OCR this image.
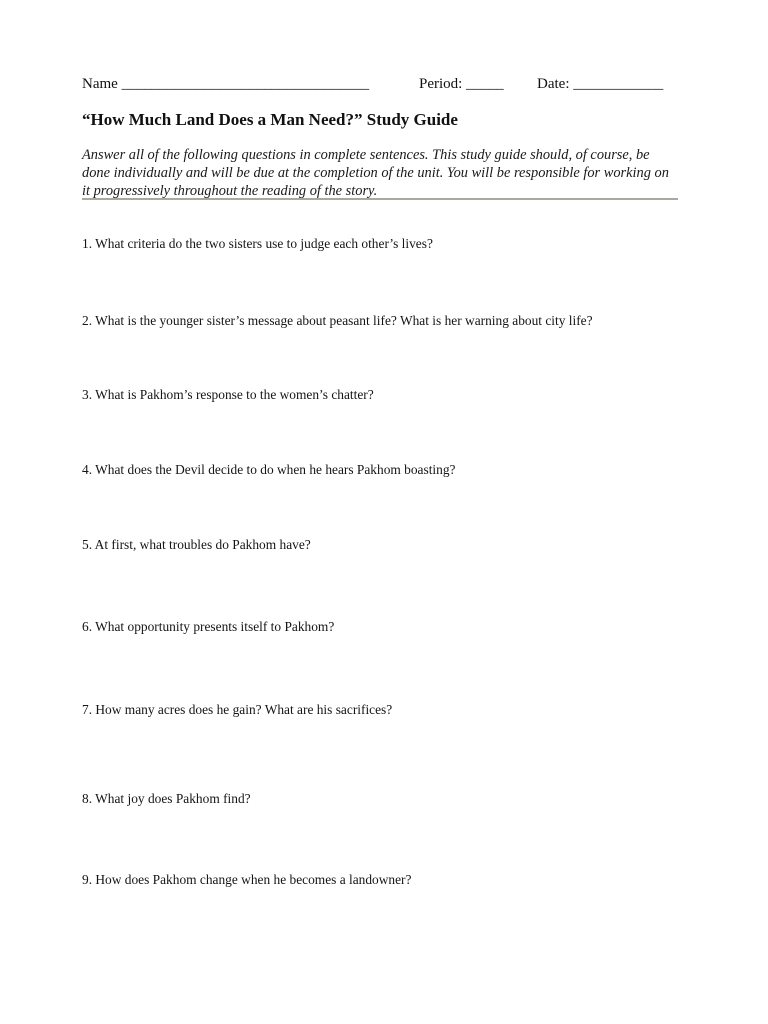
Name _________________________________	Period: _____ Date: ____________
“How Much Land Does a Man Need?” Study Guide
Answer all of the following questions in complete sentences. This study guide should, of course, be done individually and will be due at the completion of the unit. You will be responsible for working on it progressively throughout the reading of the story.
1. What criteria do the two sisters use to judge each other’s lives?
2. What is the younger sister’s message about peasant life? What is her warning about city life?
3. What is Pakhom’s response to the women’s chatter?
4. What does the Devil decide to do when he hears Pakhom boasting?
5. At first, what troubles do Pakhom have?
6. What opportunity presents itself to Pakhom?
7. How many acres does he gain? What are his sacrifices?
8. What joy does Pakhom find?
9. How does Pakhom change when he becomes a landowner?
